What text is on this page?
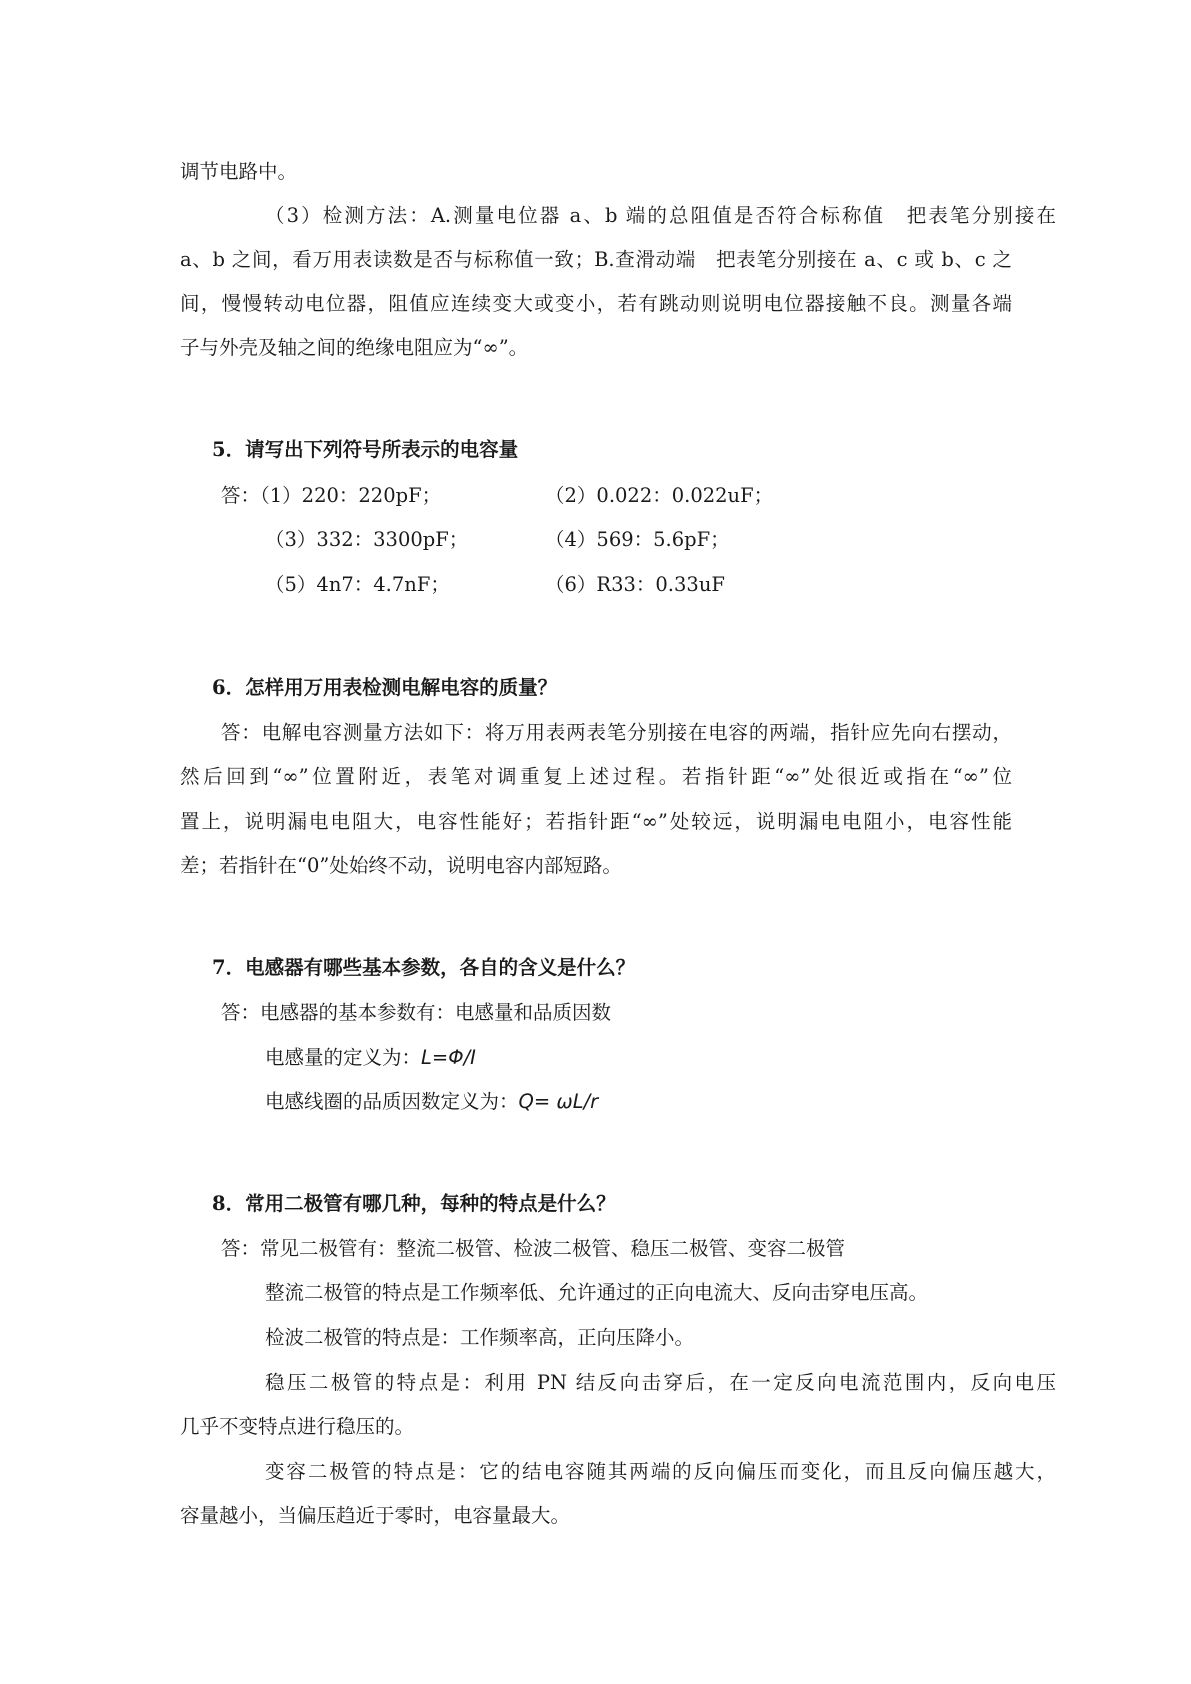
调节电路中。
（3）检测方法：A.测量电位器 a、b 端的总阻值是否符合标称值　把表笔分别接在
a、b 之间，看万用表读数是否与标称值一致；B.查滑动端　把表笔分别接在 a、c 或 b、c 之
间，慢慢转动电位器，阻值应连续变大或变小，若有跳动则说明电位器接触不良。测量各端
子与外壳及轴之间的绝缘电阻应为“∞”。
5．请写出下列符号所表示的电容量
答：（1）220：220pF；	（2）0.022：0.022uF；
（3）332：3300pF；	（4）569：5.6pF；
（5）4n7：4.7nF；	（6）R33：0.33uF
6．怎样用万用表检测电解电容的质量？
答：电解电容测量方法如下：将万用表两表笔分别接在电容的两端，指针应先向右摆动，
然后回到“∞”位置附近，表笔对调重复上述过程。若指针距“∞”处很近或指在“∞”位
置上，说明漏电电阻大，电容性能好；若指针距“∞”处较远，说明漏电电阻小，电容性能
差；若指针在“0”处始终不动，说明电容内部短路。
7．电感器有哪些基本参数，各自的含义是什么？
答：电感器的基本参数有：电感量和品质因数
电感量的定义为：L=Φ/I
电感线圈的品质因数定义为：Q= ωL/r
8．常用二极管有哪几种，每种的特点是什么？
答：常见二极管有：整流二极管、检波二极管、稳压二极管、变容二极管
整流二极管的特点是工作频率低、允许通过的正向电流大、反向击穿电压高。
检波二极管的特点是：工作频率高，正向压降小。
稳压二极管的特点是：利用 PN 结反向击穿后，在一定反向电流范围内，反向电压
几乎不变特点进行稳压的。
变容二极管的特点是：它的结电容随其两端的反向偏压而变化，而且反向偏压越大，
容量越小，当偏压趋近于零时，电容量最大。
